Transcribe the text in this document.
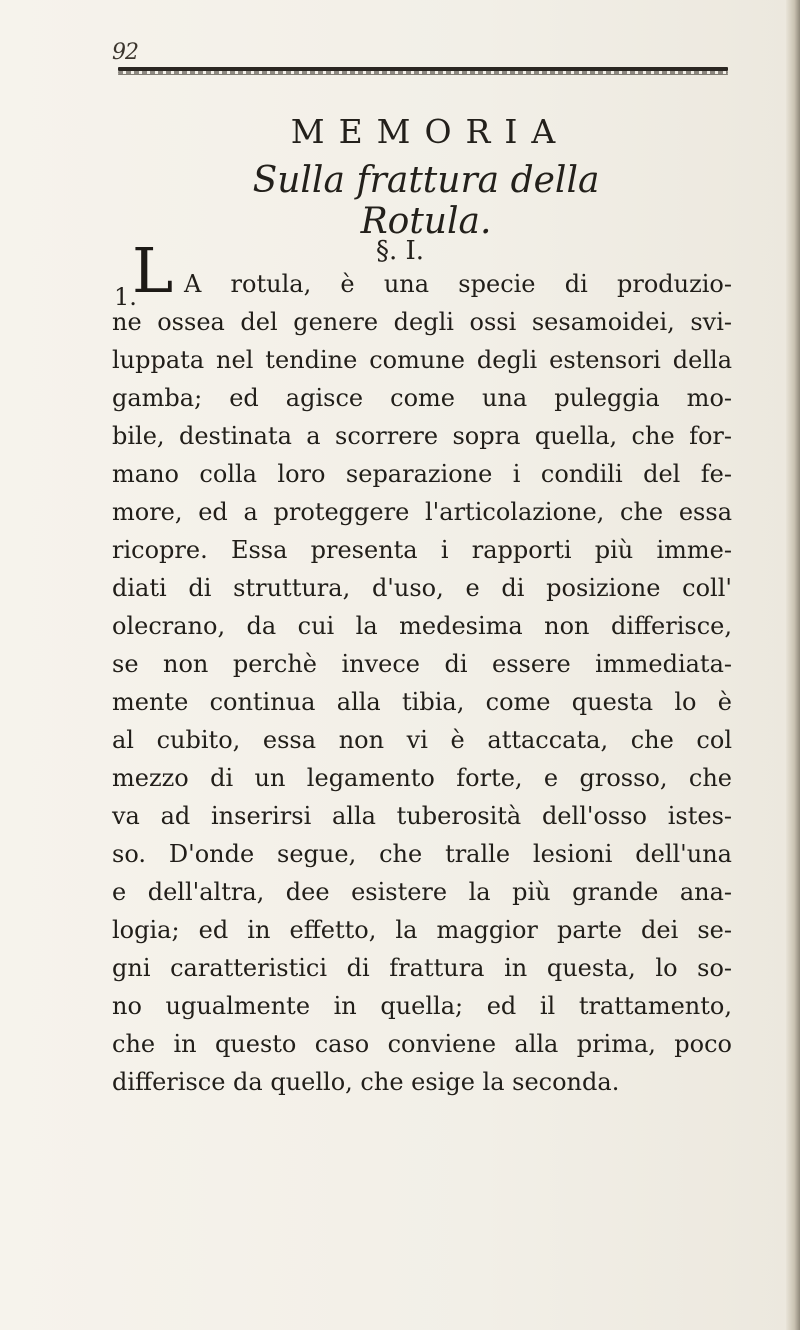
92
MEMORIA
Sulla frattura della Rotula.
§. I.
1.
L A rotula, è una specie di produzio-
ne ossea del genere degli ossi sesamoidei, svi-
luppata nel tendine comune degli estensori della
gamba; ed agisce come una puleggia mo-
bile, destinata a scorrere sopra quella, che for-
mano colla loro separazione i condili del fe-
more, ed a proteggere l'articolazione, che essa
ricopre. Essa presenta i rapporti più imme-
diati di struttura, d'uso, e di posizione coll'
olecrano, da cui la medesima non differisce,
se non perchè invece di essere immediata-
mente continua alla tibia, come questa lo è
al cubito, essa non vi è attaccata, che col
mezzo di un legamento forte, e grosso, che
va ad inserirsi alla tuberosità dell'osso istes-
so. D'onde segue, che tralle lesioni dell'una
e dell'altra, dee esistere la più grande ana-
logia; ed in effetto, la maggior parte dei se-
gni caratteristici di frattura in questa, lo so-
no ugualmente in quella; ed il trattamento,
che in questo caso conviene alla prima, poco
differisce da quello, che esige la seconda.
